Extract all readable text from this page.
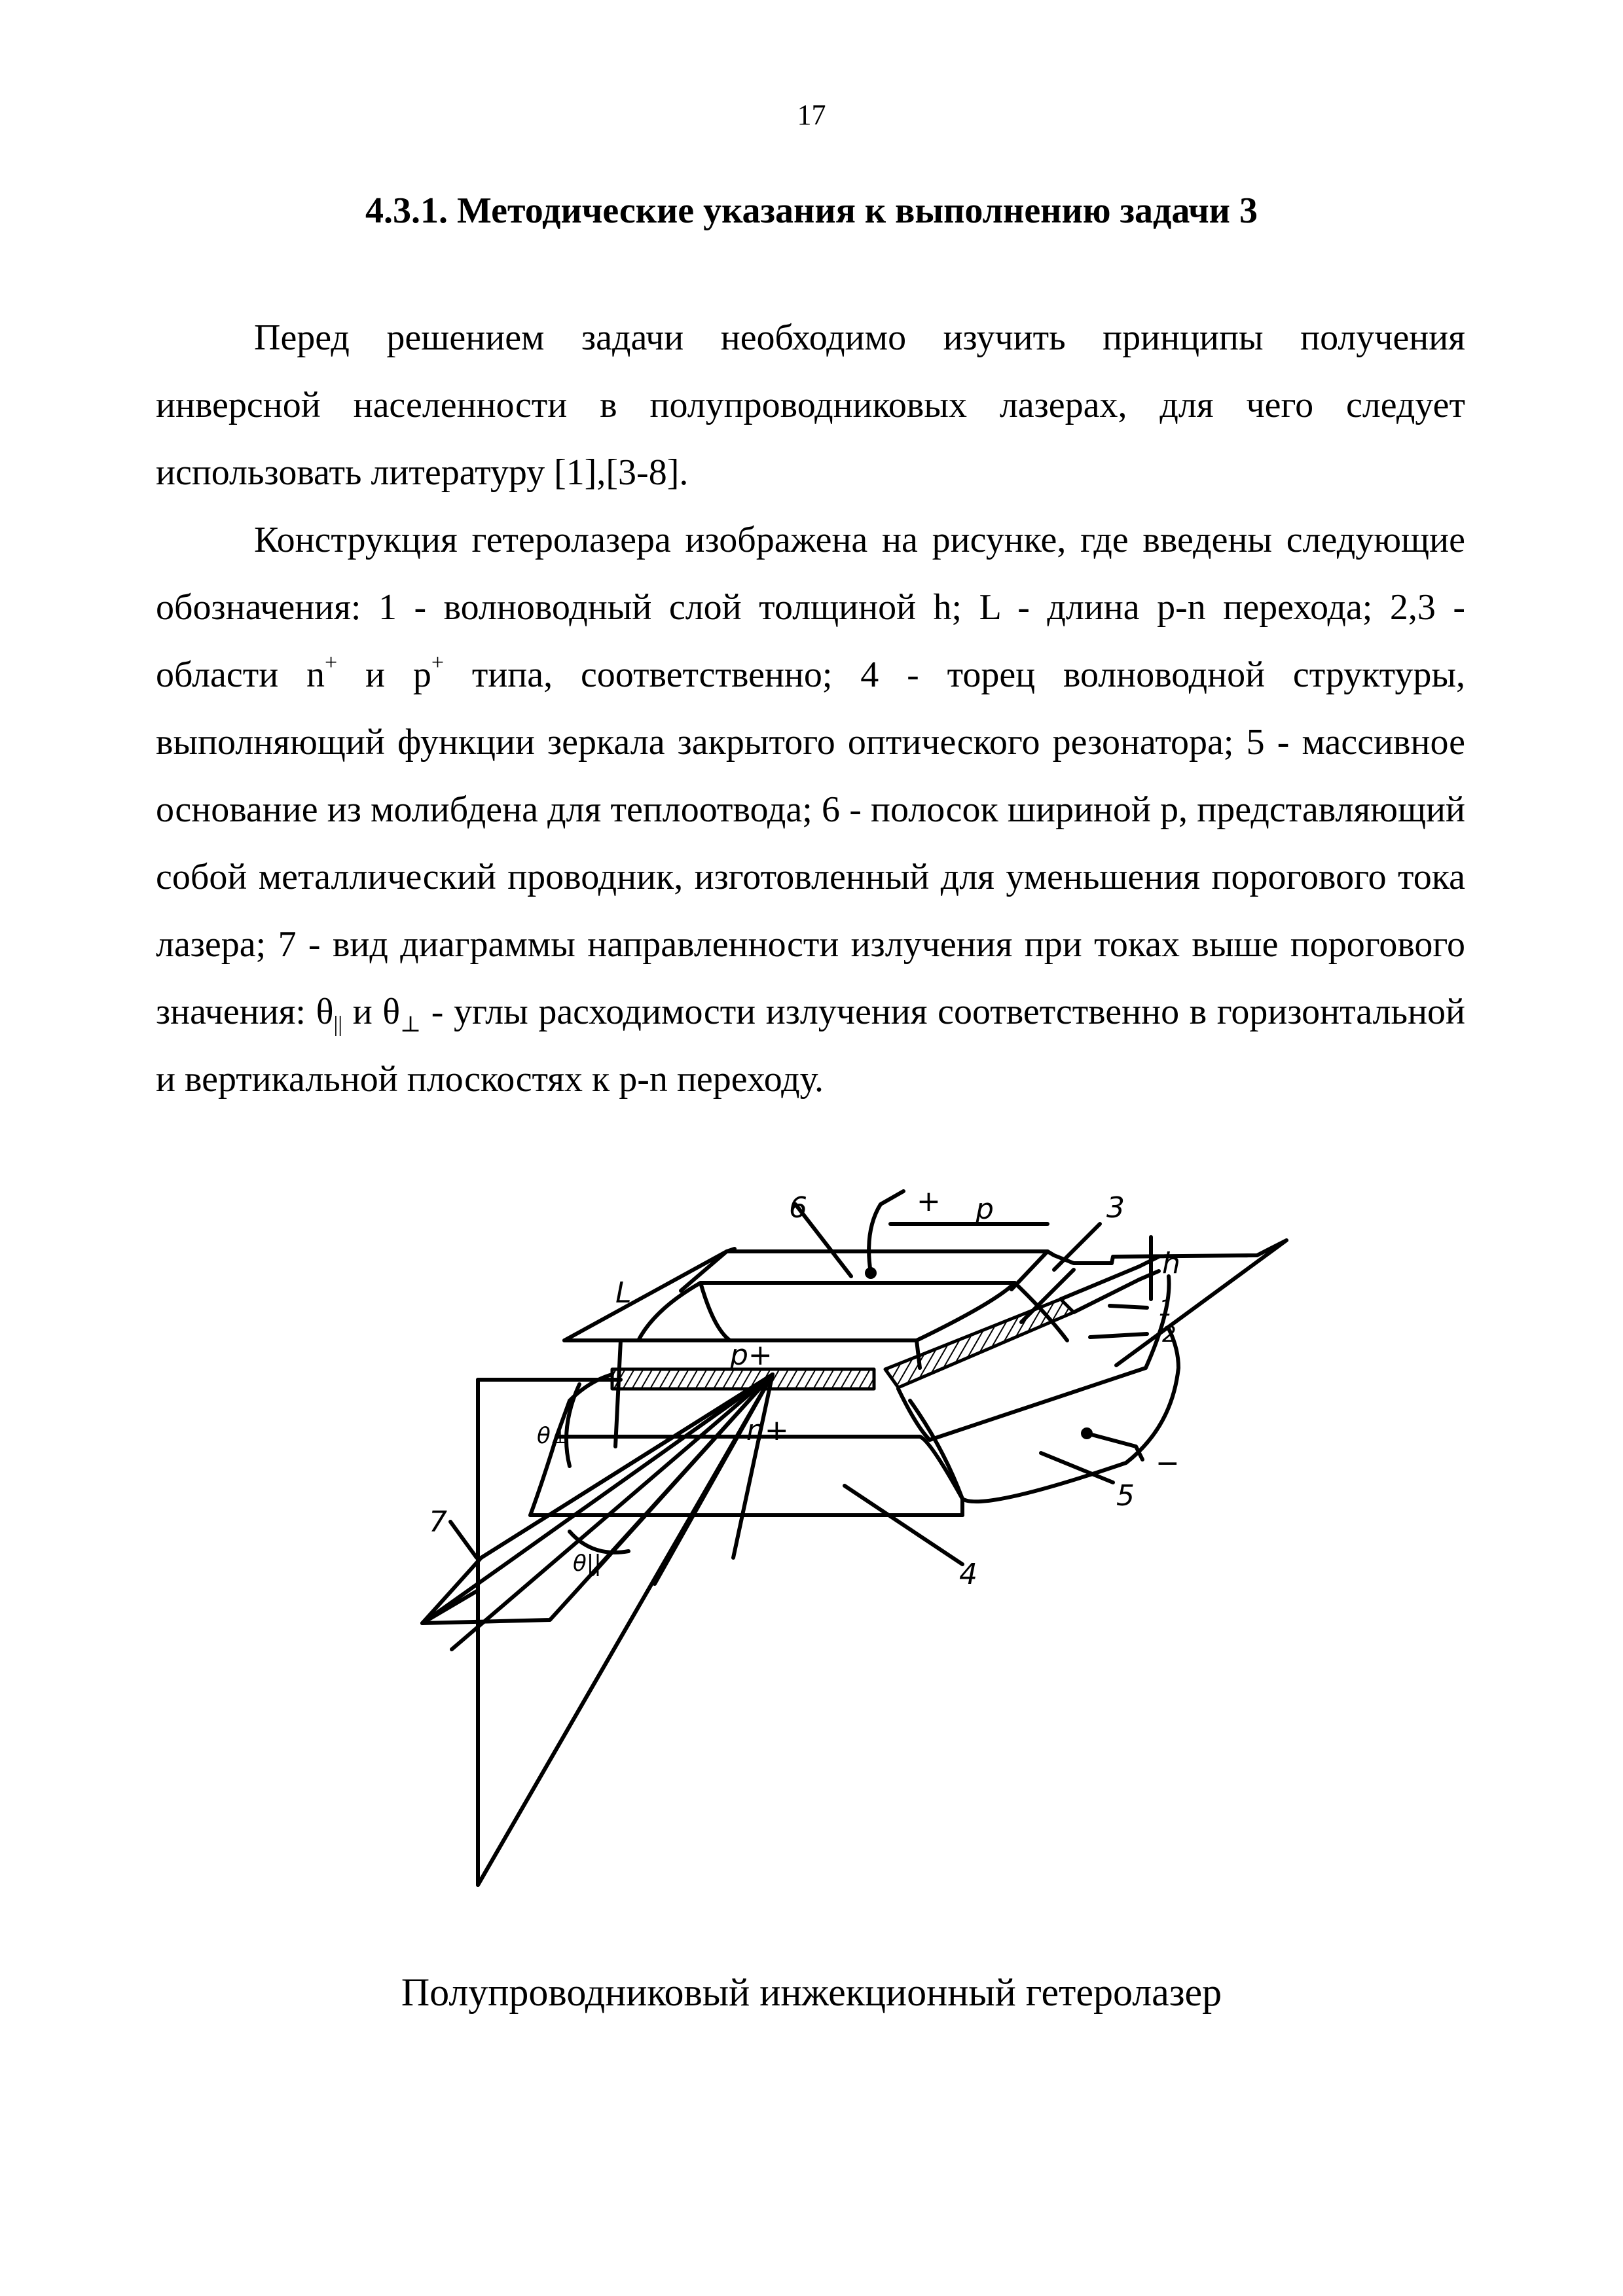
17
4.3.1. Методические указания к выполнению задачи 3

Перед решением задачи необходимо изучить принципы получения инверсной населенности в полупроводниковых лазерах, для чего следует использовать литературу [1],[3-8].

Конструкция гетеролазера изображена на рисунке, где введены следующие обозначения: 1 - волноводный слой толщиной h; L - длина p-n перехода; 2,3 - области n+ и p+ типа, соответственно; 4 - торец волноводной структуры, выполняющий функции зеркала закрытого оптического резонатора; 5 - массивное основание из молибдена для теплоотвода; 6 - полосок шириной p, представляющий собой металлический проводник, изготовленный для уменьшения порогового тока лазера; 7 - вид диаграммы направленности излучения при токах выше порогового значения: $\theta_{||}$ и $\theta_\perp$ - углы расходимости излучения соответственно в горизонтальной и вертикальной плоскостях к p-n переходу.

6	+ p	3
h
1
2
L
p+
n+
θ⊥
θ||
7
5
−
4
Полупроводниковый инжекционный гетеролазер
